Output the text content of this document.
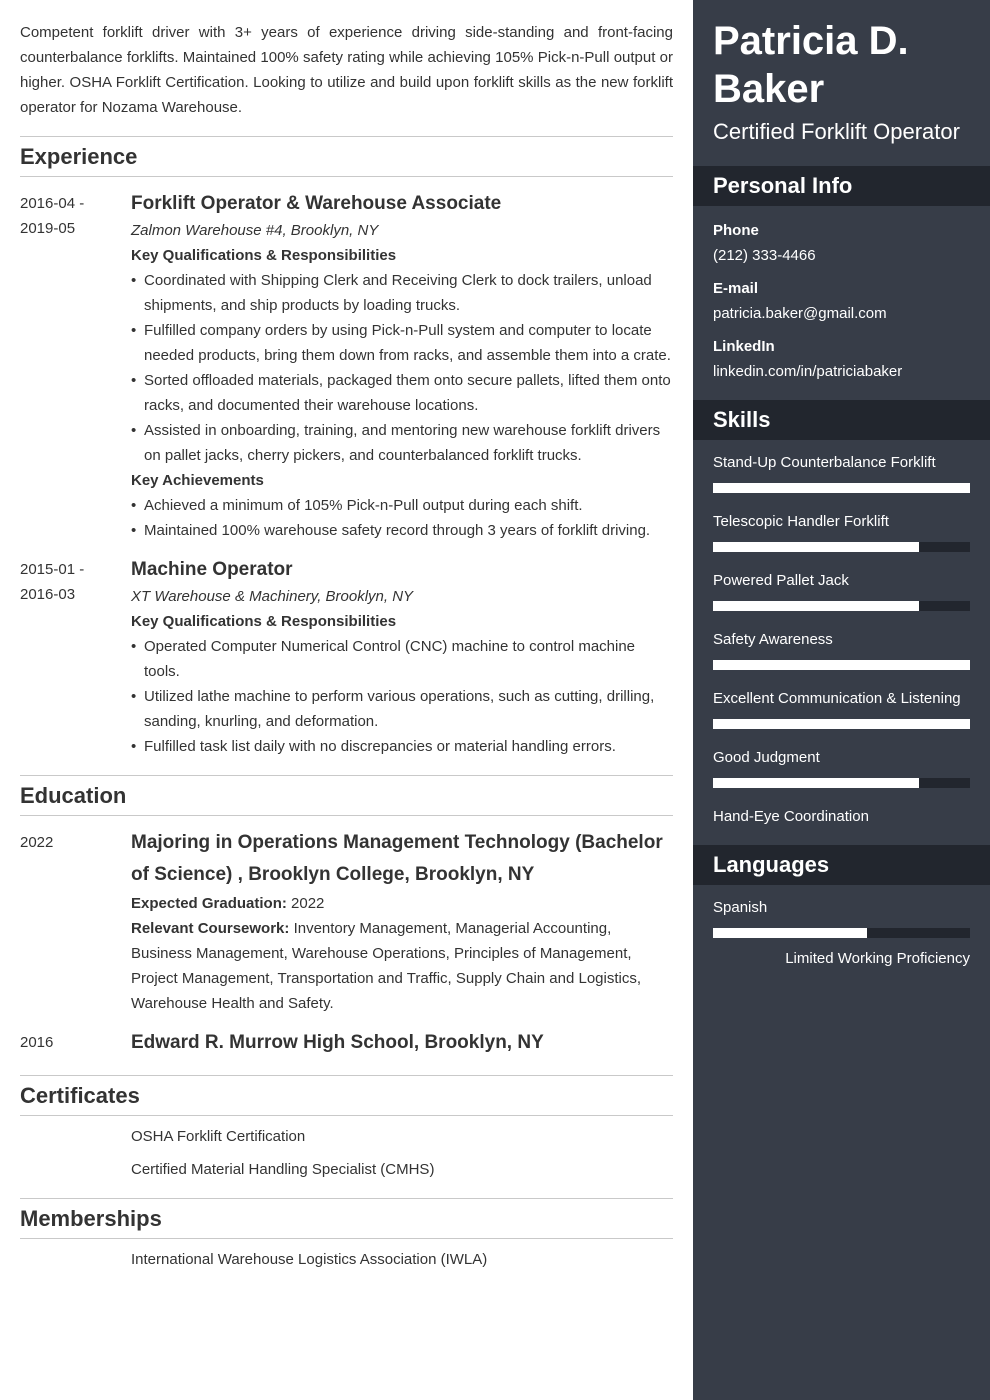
Competent forklift driver with 3+ years of experience driving side-standing and front-facing counterbalance forklifts. Maintained 100% safety rating while achieving 105% Pick-n-Pull output or higher. OSHA Forklift Certification. Looking to utilize and build upon forklift skills as the new forklift operator for Nozama Warehouse.

Experience
2016-04 -
2019-05
Forklift Operator & Warehouse Associate
Zalmon Warehouse #4, Brooklyn, NY
Key Qualifications & Responsibilities
• Coordinated with Shipping Clerk and Receiving Clerk to dock trailers, unload shipments, and ship products by loading trucks.
• Fulfilled company orders by using Pick-n-Pull system and computer to locate needed products, bring them down from racks, and assemble them into a crate.
• Sorted offloaded materials, packaged them onto secure pallets, lifted them onto racks, and documented their warehouse locations.
• Assisted in onboarding, training, and mentoring new warehouse forklift drivers on pallet jacks, cherry pickers, and counterbalanced forklift trucks.
Key Achievements
• Achieved a minimum of 105% Pick-n-Pull output during each shift.
• Maintained 100% warehouse safety record through 3 years of forklift driving.
2015-01 -
2016-03
Machine Operator
XT Warehouse & Machinery, Brooklyn, NY
Key Qualifications & Responsibilities
• Operated Computer Numerical Control (CNC) machine to control machine tools.
• Utilized lathe machine to perform various operations, such as cutting, drilling, sanding, knurling, and deformation.
• Fulfilled task list daily with no discrepancies or material handling errors.
Education
2022	Majoring in Operations Management Technology (Bachelor of Science) , Brooklyn College, Brooklyn, NY
Expected Graduation: 2022
Relevant Coursework: Inventory Management, Managerial Accounting, Business Management, Warehouse Operations, Principles of Management, Project Management, Transportation and Traffic, Supply Chain and Logistics, Warehouse Health and Safety.
2016	Edward R. Murrow High School, Brooklyn, NY
Certificates
OSHA Forklift Certification
Certified Material Handling Specialist (CMHS)
Memberships
International Warehouse Logistics Association (IWLA)
Patricia D. Baker
Certified Forklift Operator
Personal Info
Phone
(212) 333-4466
E-mail
patricia.baker@gmail.com
LinkedIn
linkedin.com/in/patriciabaker
Skills
Stand-Up Counterbalance Forklift
Telescopic Handler Forklift
Powered Pallet Jack
Safety Awareness
Excellent Communication & Listening
Good Judgment
Hand-Eye Coordination
Languages
Spanish
Limited Working Proficiency
